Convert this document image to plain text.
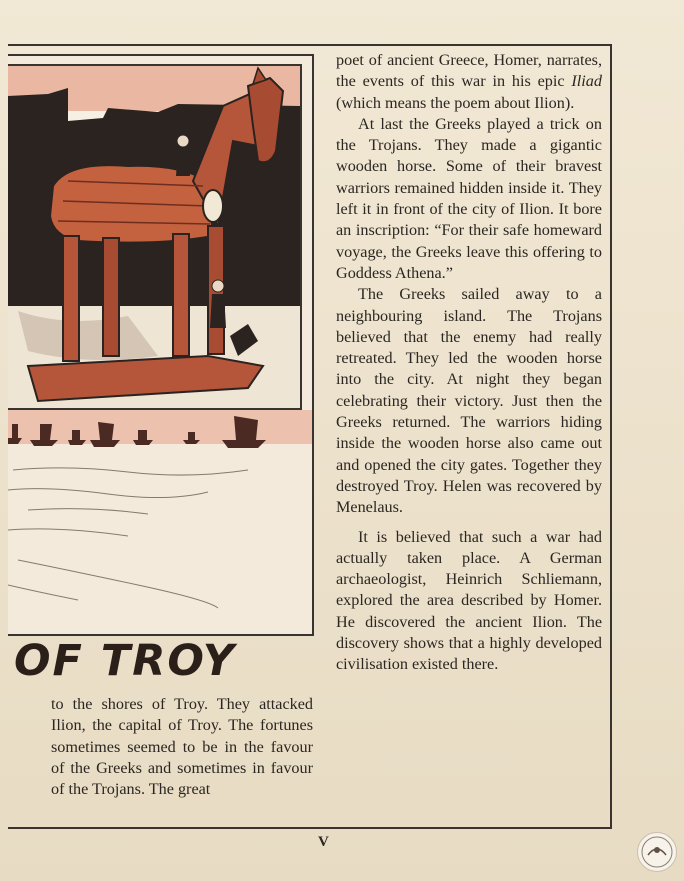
poet of ancient Greece, Homer, narrates, the events of this war in his epic Iliad (which means the poem about Ilion).

At last the Greeks played a trick on the Trojans. They made a gigantic wooden horse. Some of their bravest warriors remained hidden inside it. They left it in front of the city of Ilion. It bore an inscription: “For their safe homeward voyage, the Greeks leave this offering to Goddess Athena.”

The Greeks sailed away to a neighbouring island. The Trojans believed that the enemy had really retreated. They led the wooden horse into the city. At night they began celebrating their victory. Just then the Greeks returned. The warriors hiding inside the wooden horse also came out and opened the city gates. Together they destroyed Troy. Helen was recovered by Menelaus.

It is believed that such a war had actually taken place. A German archaeologist, Heinrich Schliemann, explored the area described by Homer. He discovered the ancient Ilion. The discovery shows that a highly developed civilisation existed there.

OF TROY

to the shores of Troy. They attacked Ilion, the capital of Troy. The fortunes sometimes seemed to be in the favour of the Greeks and sometimes in favour of the Trojans. The great

V
